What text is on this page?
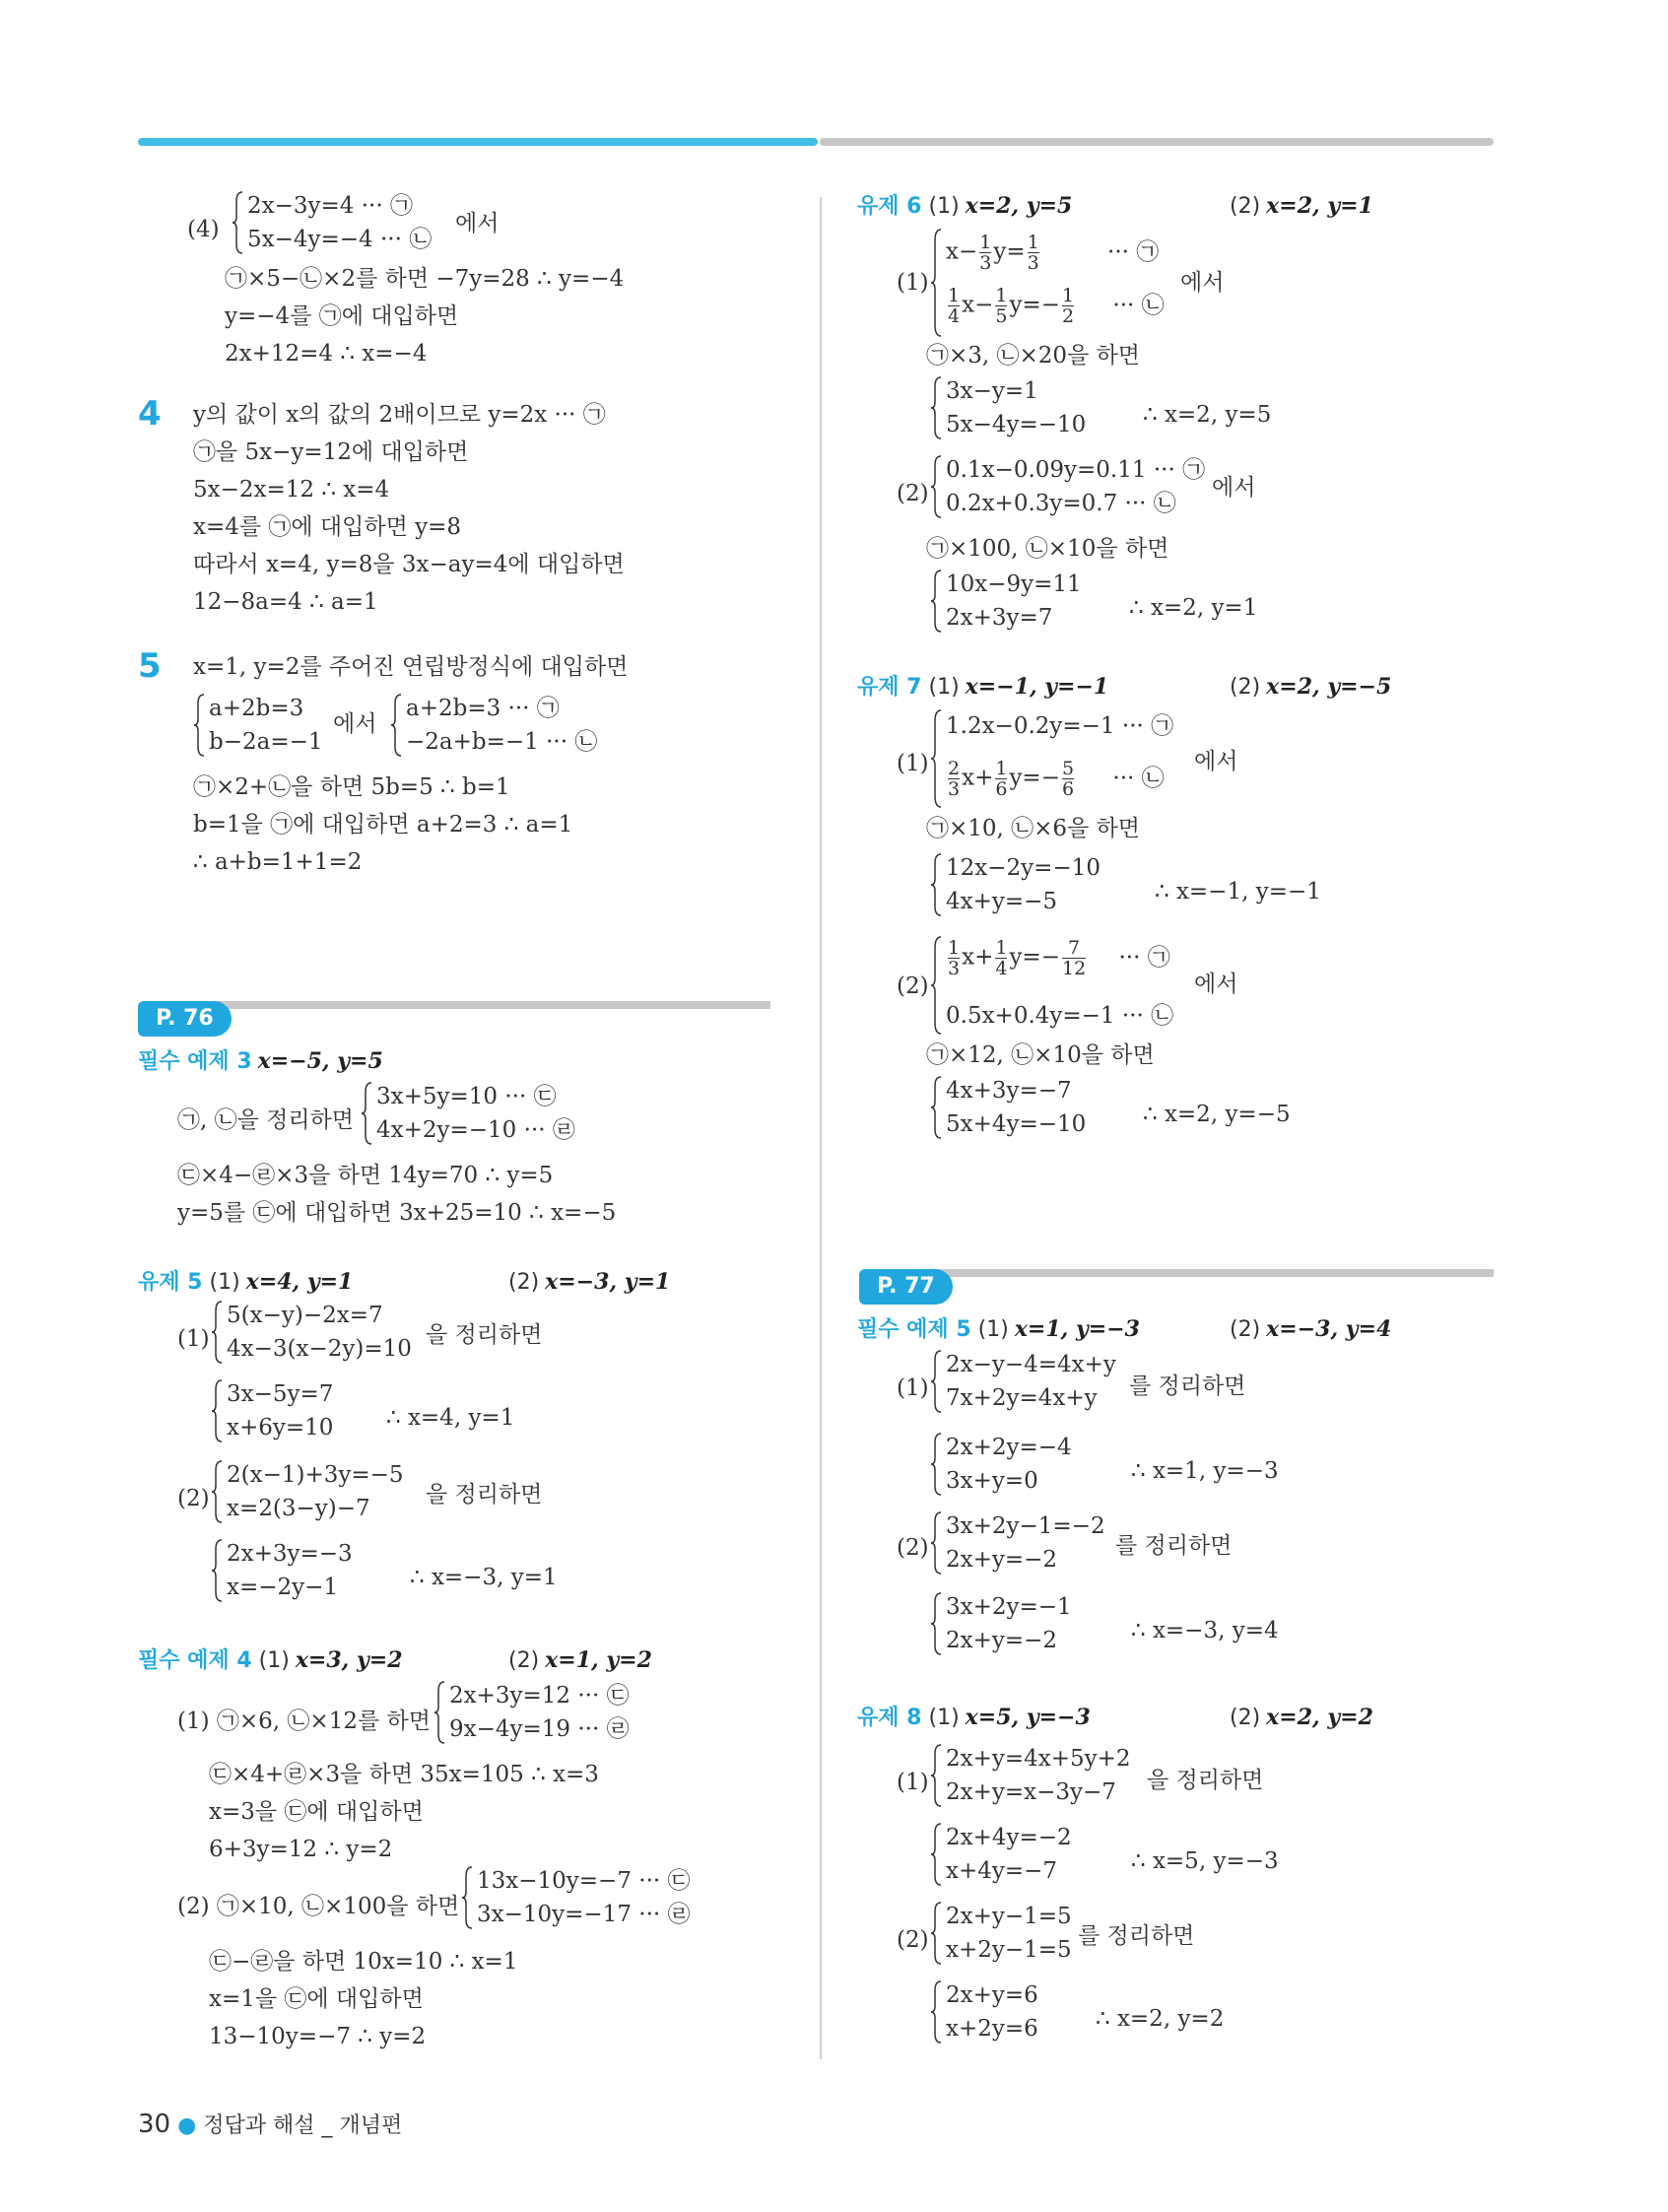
(4)
2x−3y=4 ··· ㉠
5x−4y=−4 ··· ㉡
에서
㉠×5−㉡×2를 하면 −7y=28 ∴ y=−4
y=−4를 ㉠에 대입하면
2x+12=4 ∴ x=−4
4 y의 값이 x의 값의 2배이므로 y=2x ··· ㉠
㉠을 5x−y=12에 대입하면
5x−2x=12 ∴ x=4
x=4를 ㉠에 대입하면 y=8
따라서 x=4, y=8을 3x−ay=4에 대입하면
12−8a=4 ∴ a=1
5 x=1, y=2를 주어진 연립방정식에 대입하면
a+2b=3
b−2a=−1
에서
a+2b=3 ··· ㉠
−2a+b=−1 ··· ㉡
㉠×2+㉡을 하면 5b=5 ∴ b=1
b=1을 ㉠에 대입하면 a+2=3 ∴ a=1
∴ a+b=1+1=2
P. 76
필수 예제 3 x=−5, y=5
㉠, ㉡을 정리하면
3x+5y=10 ··· ㉢
4x+2y=−10 ··· ㉣
㉢×4−㉣×3을 하면 14y=70 ∴ y=5
y=5를 ㉢에 대입하면 3x+25=10 ∴ x=−5
유제 5 (1) x=4, y=1	(2) x=−3, y=1
(1)
5(x−y)−2x=7
4x−3(x−2y)=10
을 정리하면
3x−5y=7
x+6y=10 ∴ x=4, y=1
(2)
2(x−1)+3y=−5
x=2(3−y)−7
을 정리하면
2x+3y=−3
x=−2y−1	∴ x=−3, y=1
필수 예제 4 (1) x=3, y=2	(2) x=1, y=2
(1) ㉠×6, ㉡×12를 하면
2x+3y=12 ··· ㉢
9x−4y=19 ··· ㉣
㉢×4+㉣×3을 하면 35x=105 ∴ x=3
x=3을 ㉢에 대입하면
6+3y=12 ∴ y=2
(2) ㉠×10, ㉡×100을 하면
13x−10y=−7 ··· ㉢
3x−10y=−17 ··· ㉣
㉢−㉣을 하면 10x=10 ∴ x=1
x=1을 ㉢에 대입하면
13−10y=−7 ∴ y=2
유제 6 (1) x=2, y=5	(2) x=2, y=1
(1)
$x- \frac{1}{3} y= \frac{1}{3}$	··· ㉠
$\frac{1}{4} x- \frac{1}{5} y=- \frac{1}{2}$ ··· ㉡
에서
㉠×3, ㉡×20을 하면
3x−y=1
5x−4y=−10	∴ x=2, y=5
(2)
0.1x−0.09y=0.11 ··· ㉠
0.2x+0.3y=0.7 ··· ㉡
에서
㉠×100, ㉡×10을 하면
10x−9y=11
2x+3y=7	∴ x=2, y=1
유제 7 (1) x=−1, y=−1	(2) x=2, y=−5
(1)
1.2x−0.2y=−1 ··· ㉠
$\frac{2}{3} x+ \frac{1}{6} y=- \frac{5}{6}$ ··· ㉡
에서
㉠×10, ㉡×6을 하면
12x−2y=−10
4x+y=−5	∴ x=−1, y=−1
(2)
$\frac{1}{3} x+ \frac{1}{4} y=- \frac{7}{12}$ ··· ㉠
0.5x+0.4y=−1 ··· ㉡
에서
㉠×12, ㉡×10을 하면
4x+3y=−7
5x+4y=−10	∴ x=2, y=−5
P. 77
필수 예제 5 (1) x=1, y=−3	(2) x=−3, y=4
(1)
2x−y−4=4x+y
7x+2y=4x+y 를 정리하면
2x+2y=−4
3x+y=0	∴ x=1, y=−3
(2)
3x+2y−1=−2
2x+y=−2
를 정리하면
3x+2y=−1
2x+y=−2	∴ x=−3, y=4
유제 8 (1) x=5, y=−3	(2) x=2, y=2
(1)
2x+y=4x+5y+2
2x+y=x−3y−7 을 정리하면
2x+4y=−2
x+4y=−7	∴ x=5, y=−3
(2)
2x+y−1=5
x+2y−1=5
를 정리하면
2x+y=6
x+2y=6	∴ x=2, y=2
30 ● 정답과 해설 _ 개념편
